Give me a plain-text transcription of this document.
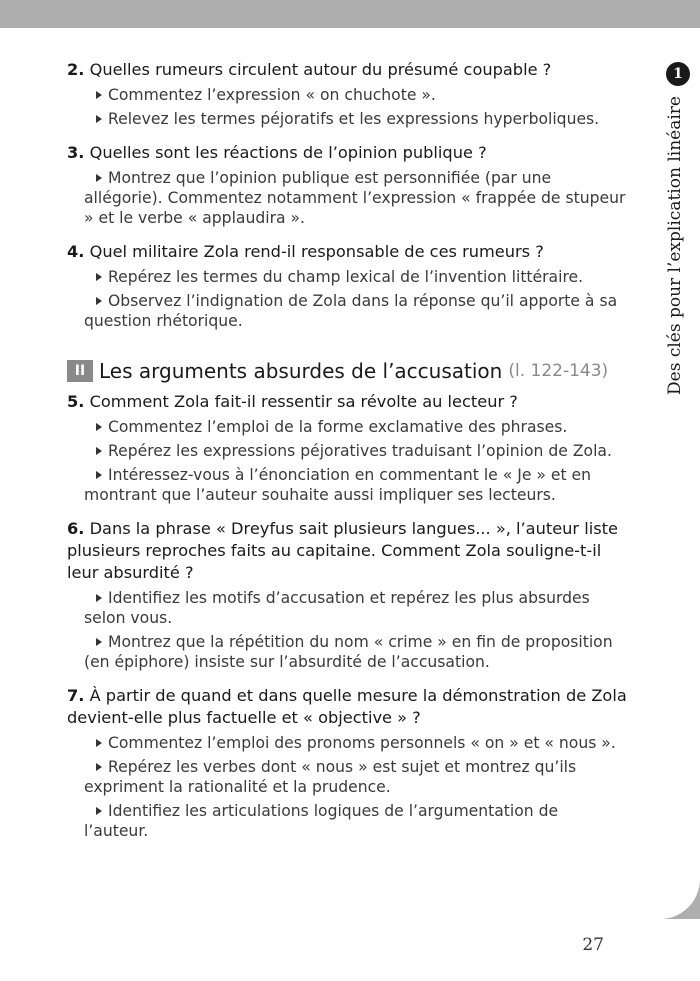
1
Des clés pour l’explication linéaire

2. Quelles rumeurs circulent autour du présumé coupable ?

Commentez l’expression « on chuchote ».

Relevez les termes péjoratifs et les expressions hyperboliques.

3. Quelles sont les réactions de l’opinion publique ?

Montrez que l’opinion publique est personnifiée (par une allégorie). Commentez notamment l’expression « frappée de stupeur » et le verbe « applaudira ».

4. Quel militaire Zola rend-il responsable de ces rumeurs ?

Repérez les termes du champ lexical de l’invention littéraire.

Observez l’indignation de Zola dans la réponse qu’il apporte à sa question rhétorique.

II Les arguments absurdes de l’accusation (l. 122-143)

5. Comment Zola fait-il ressentir sa révolte au lecteur ?

Commentez l’emploi de la forme exclamative des phrases.

Repérez les expressions péjoratives traduisant l’opinion de Zola.

Intéressez-vous à l’énonciation en commentant le « Je » et en montrant que l’auteur souhaite aussi impliquer ses lecteurs.

6. Dans la phrase « Dreyfus sait plusieurs langues... », l’auteur liste plusieurs reproches faits au capitaine. Comment Zola souligne-t-il leur absurdité ?

Identifiez les motifs d’accusation et repérez les plus absurdes selon vous.

Montrez que la répétition du nom « crime » en fin de proposition (en épiphore) insiste sur l’absurdité de l’accusation.

7. À partir de quand et dans quelle mesure la démonstration de Zola devient-elle plus factuelle et « objective » ?

Commentez l’emploi des pronoms personnels « on » et « nous ».

Repérez les verbes dont « nous » est sujet et montrez qu’ils expriment la rationalité et la prudence.

Identifiez les articulations logiques de l’argumentation de l’auteur.

27
